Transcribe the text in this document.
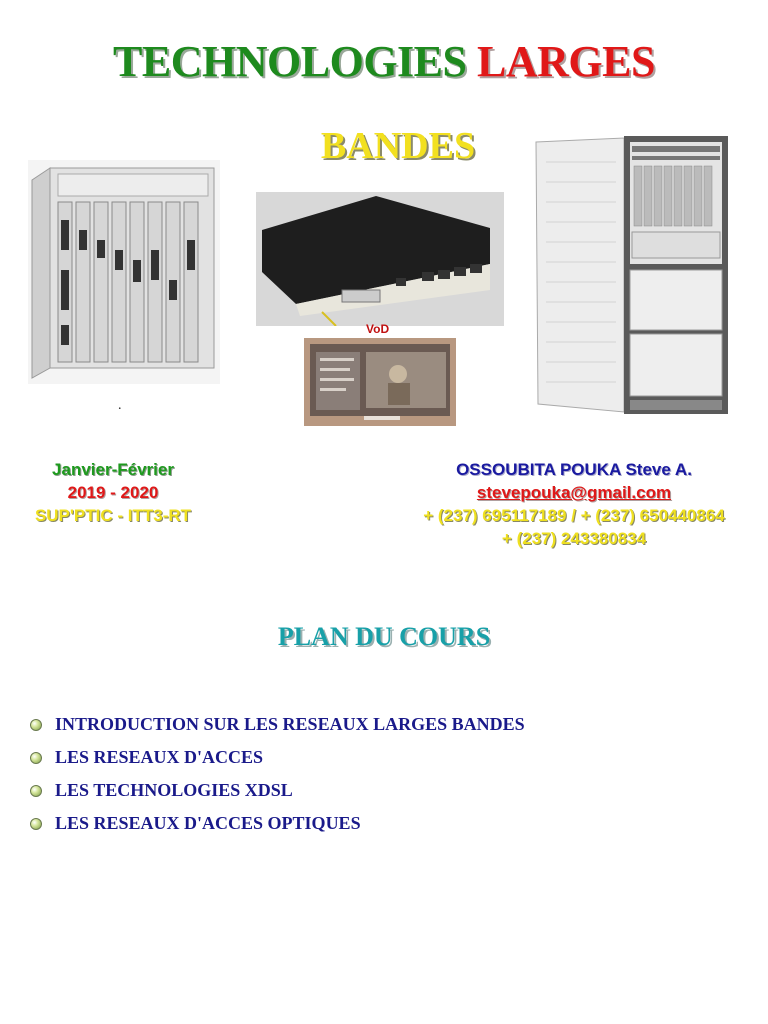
TECHNOLOGIES LARGES
BANDES
VoD
.
Janvier-Février
2019 - 2020
SUP'PTIC - ITT3-RT
OSSOUBITA POUKA Steve A.
stevepouka@gmail.com
+ (237) 695117189 / + (237) 650440864
+ (237) 243380834
PLAN DU COURS
INTRODUCTION SUR LES RESEAUX LARGES BANDES
LES RESEAUX D'ACCES
LES TECHNOLOGIES XDSL
LES RESEAUX D'ACCES OPTIQUES
